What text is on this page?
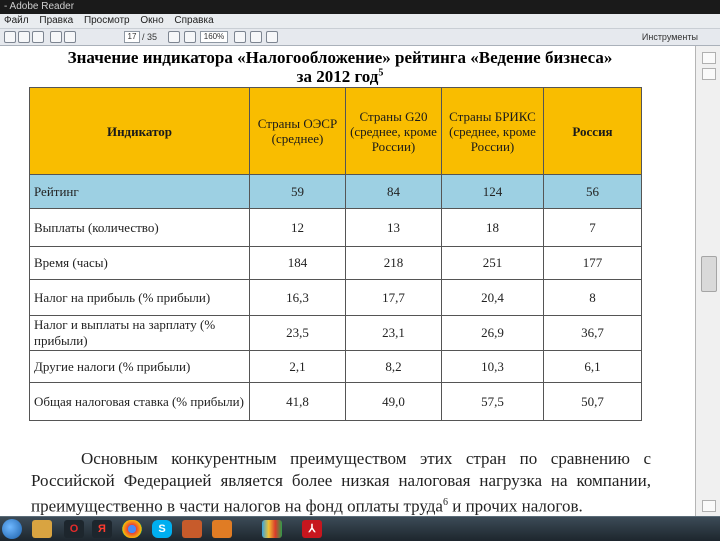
- Adobe Reader
Файл Правка Просмотр Окно Справка
17 / 35	160%	Инструменты
Значение индикатора «Налогообложение» рейтинга «Ведение бизнеса»
за 2012 год$^5$
Индикатор	Страны ОЭСР (среднее)	Страны G20 (среднее, кроме России)	Страны БРИКС (среднее, кроме России)	Россия
Рейтинг	59	84	124	56
Выплаты (количество)	12	13	18	7
Время (часы)	184	218	251	177
Налог на прибыль (% прибыли)	16,3	17,7	20,4	8
Налог и выплаты на зарплату (% прибыли)	23,5	23,1	26,9	36,7
Другие налоги (% прибыли)	2,1	8,2	10,3	6,1
Общая налоговая ставка (% прибыли)	41,8	49,0	57,5	50,7
Основным конкурентным преимуществом этих стран по сравнению с Российской Федерацией является более низкая налоговая нагрузка на компании, преимущественно в части налогов на фонд оплаты труда$^6$ и прочих налогов.
O	Я	S	⅄
